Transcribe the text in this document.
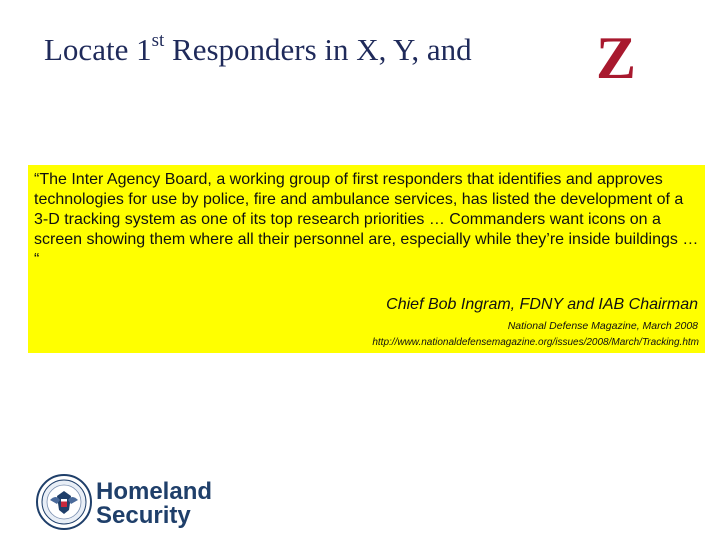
Locate 1st Responders in X, Y, and Z
“The Inter Agency Board, a working group of first responders that identifies and approves technologies for use by police, fire and ambulance services, has listed the development of a 3-D tracking system as one of its top research priorities … Commanders want icons on a screen showing them where all their personnel are, especially while they’re inside buildings … “
Chief Bob Ingram, FDNY and IAB Chairman
National Defense Magazine, March 2008
http://www.nationaldefensemagazine.org/issues/2008/March/Tracking.htm
Homeland
Security
